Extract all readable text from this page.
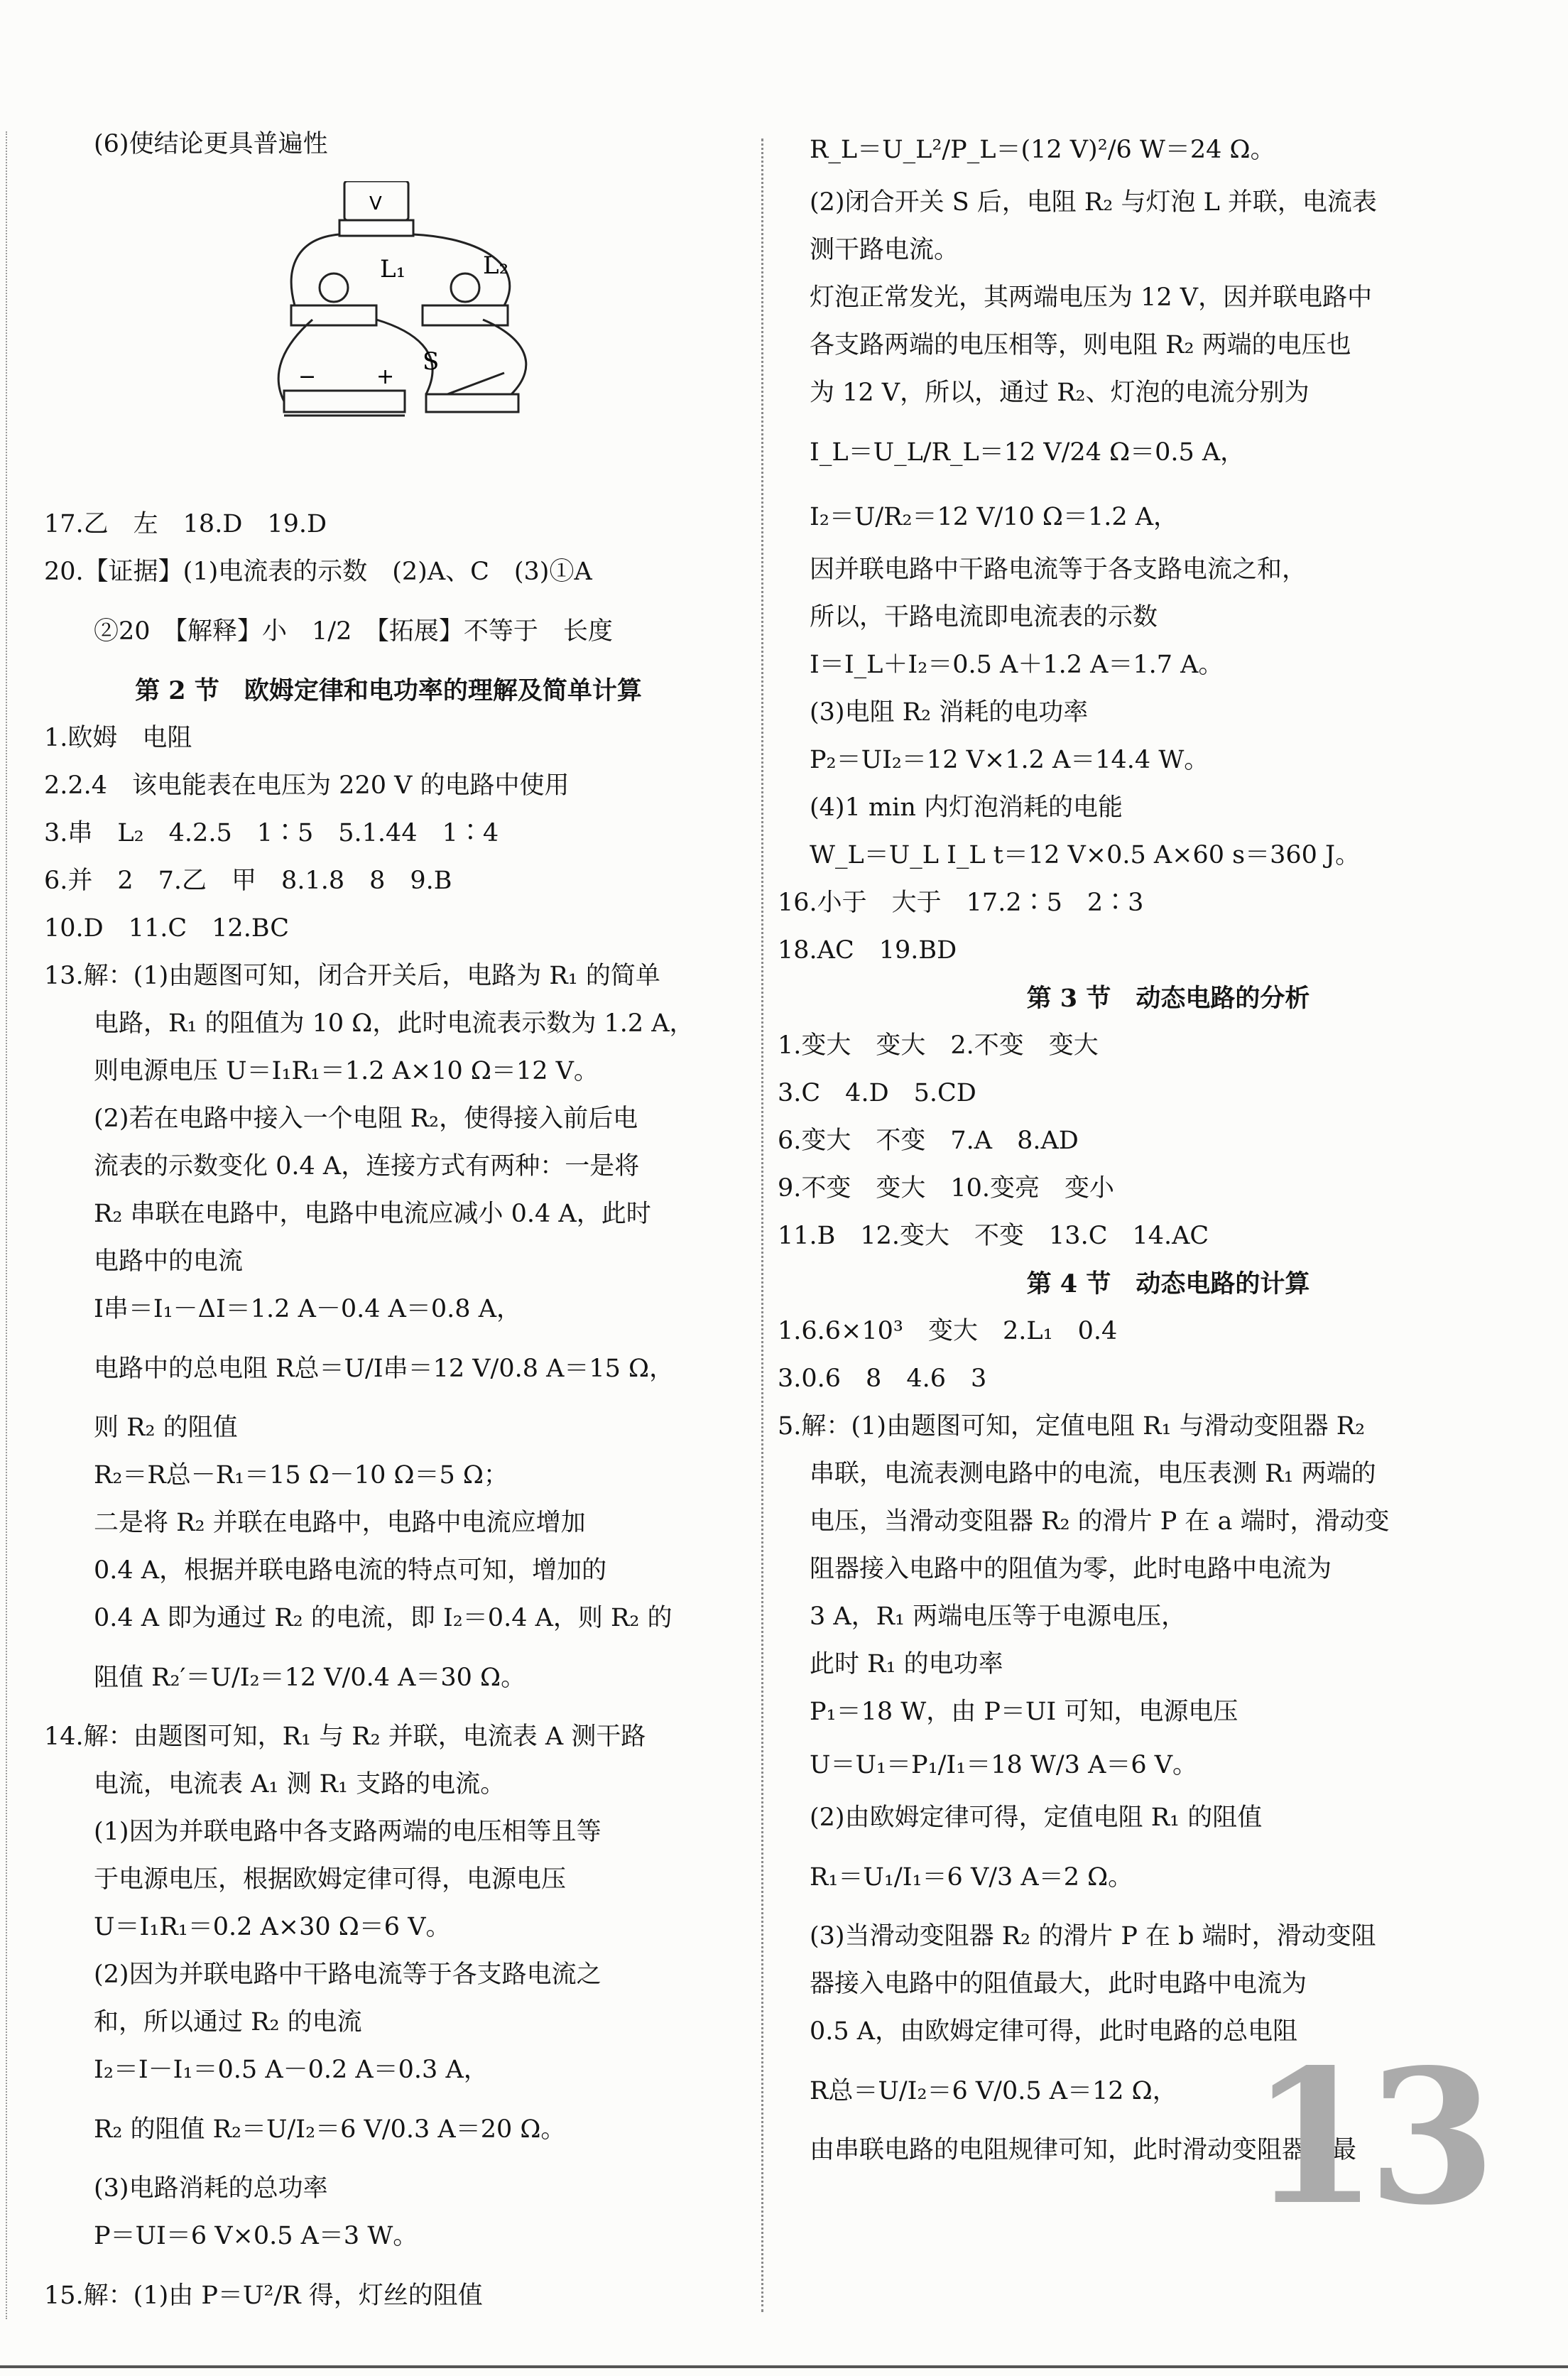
(6)使结论更具普遍性
17.乙　左　18.D　19.D
20.【证据】(1)电流表的示数　(2)A、C　(3)①A
②20　【解释】小　1/2　【拓展】不等于　长度
第 2 节　欧姆定律和电功率的理解及简单计算
1.欧姆　电阻
2.2.4　该电能表在电压为 220 V 的电路中使用
3.串　L₂　4.2.5　1∶5　5.1.44　1∶4
6.并　2　7.乙　甲　8.1.8　8　9.B
10.D　11.C　12.BC
13.解：(1)由题图可知，闭合开关后，电路为 R₁ 的简单
电路，R₁ 的阻值为 10 Ω，此时电流表示数为 1.2 A，
则电源电压 U＝I₁R₁＝1.2 A×10 Ω＝12 V。
(2)若在电路中接入一个电阻 R₂，使得接入前后电
流表的示数变化 0.4 A，连接方式有两种：一是将
R₂ 串联在电路中，电路中电流应减小 0.4 A，此时
电路中的电流
I串＝I₁－ΔI＝1.2 A－0.4 A＝0.8 A，
电路中的总电阻 R总＝U/I串＝12 V/0.8 A＝15 Ω，
则 R₂ 的阻值
R₂＝R总－R₁＝15 Ω－10 Ω＝5 Ω；
二是将 R₂ 并联在电路中，电路中电流应增加
0.4 A，根据并联电路电流的特点可知，增加的
0.4 A 即为通过 R₂ 的电流，即 I₂＝0.4 A，则 R₂ 的
阻值 R₂′＝U/I₂＝12 V/0.4 A＝30 Ω。
14.解：由题图可知，R₁ 与 R₂ 并联，电流表 A 测干路
电流，电流表 A₁ 测 R₁ 支路的电流。
(1)因为并联电路中各支路两端的电压相等且等
于电源电压，根据欧姆定律可得，电源电压
U＝I₁R₁＝0.2 A×30 Ω＝6 V。
(2)因为并联电路中干路电流等于各支路电流之
和，所以通过 R₂ 的电流
I₂＝I－I₁＝0.5 A－0.2 A＝0.3 A，
R₂ 的阻值 R₂＝U/I₂＝6 V/0.3 A＝20 Ω。
(3)电路消耗的总功率
P＝UI＝6 V×0.5 A＝3 W。
15.解：(1)由 P＝U²/R 得，灯丝的阻值
R_L＝U_L²/P_L＝(12 V)²/6 W＝24 Ω。
(2)闭合开关 S 后，电阻 R₂ 与灯泡 L 并联，电流表
测干路电流。
灯泡正常发光，其两端电压为 12 V，因并联电路中
各支路两端的电压相等，则电阻 R₂ 两端的电压也
为 12 V，所以，通过 R₂、灯泡的电流分别为
I_L＝U_L/R_L＝12 V/24 Ω＝0.5 A，
I₂＝U/R₂＝12 V/10 Ω＝1.2 A，
因并联电路中干路电流等于各支路电流之和，
所以，干路电流即电流表的示数
I＝I_L＋I₂＝0.5 A＋1.2 A＝1.7 A。
(3)电阻 R₂ 消耗的电功率
P₂＝UI₂＝12 V×1.2 A＝14.4 W。
(4)1 min 内灯泡消耗的电能
W_L＝U_L I_L t＝12 V×0.5 A×60 s＝360 J。
16.小于　大于　17.2∶5　2∶3
18.AC　19.BD
第 3 节　动态电路的分析
1.变大　变大　2.不变　变大
3.C　4.D　5.CD
6.变大　不变　7.A　8.AD
9.不变　变大　10.变亮　变小
11.B　12.变大　不变　13.C　14.AC
第 4 节　动态电路的计算
1.6.6×10³　变大　2.L₁　0.4
3.0.6　8　4.6　3
5.解：(1)由题图可知，定值电阻 R₁ 与滑动变阻器 R₂
串联，电流表测电路中的电流，电压表测 R₁ 两端的
电压，当滑动变阻器 R₂ 的滑片 P 在 a 端时，滑动变
阻器接入电路中的阻值为零，此时电路中电流为
3 A，R₁ 两端电压等于电源电压，
此时 R₁ 的电功率
P₁＝18 W，由 P＝UI 可知，电源电压
U＝U₁＝P₁/I₁＝18 W/3 A＝6 V。
(2)由欧姆定律可得，定值电阻 R₁ 的阻值
R₁＝U₁/I₁＝6 V/3 A＝2 Ω。
(3)当滑动变阻器 R₂ 的滑片 P 在 b 端时，滑动变阻
器接入电路中的阻值最大，此时电路中电流为
0.5 A，由欧姆定律可得，此时电路的总电阻
R总＝U/I₂＝6 V/0.5 A＝12 Ω，
由串联电路的电阻规律可知，此时滑动变阻器的最
V
L₁	L₂
S
−	+
13
